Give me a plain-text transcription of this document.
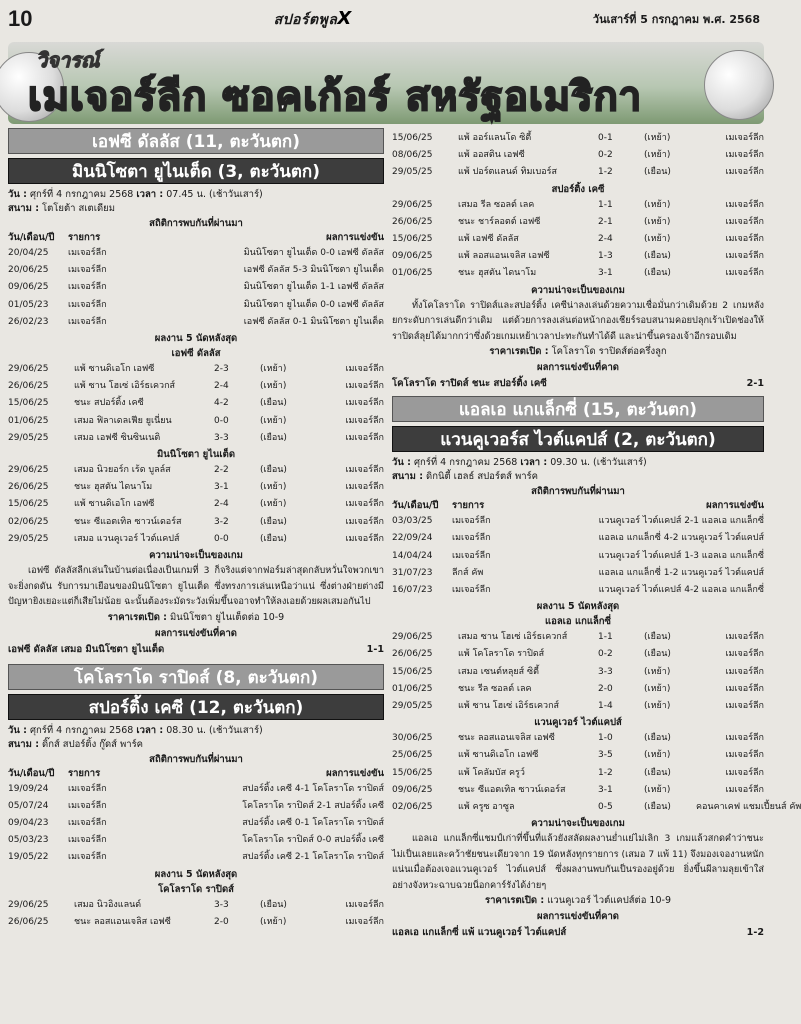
10	สปอร์ตพูลX	วันเสาร์ที่ 5 กรกฎาคม พ.ศ. 2568
วิจารณ์
เมเจอร์ลีก ซอคเก้อร์ สหรัฐอเมริกา
เอฟซี ดัลลัส (11, ตะวันตก)
มินนิโซตา ยูไนเต็ด (3, ตะวันตก)
วัน : ศุกร์ที่ 4 กรกฎาคม 2568 เวลา : 07.45 น. (เช้าวันเสาร์)
สนาม : โตโยต้า สเตเดียม
สถิติการพบกันที่ผ่านมา
วัน/เดือน/ปี	รายการ	ผลการแข่งขัน
20/04/25	เมเจอร์ลีก	มินนิโซตา ยูไนเต็ด 0-0 เอฟซี ดัลลัส
20/06/25	เมเจอร์ลีก	เอฟซี ดัลลัส 5-3 มินนิโซตา ยูไนเต็ด
09/06/25	เมเจอร์ลีก	มินนิโซตา ยูไนเต็ด 1-1 เอฟซี ดัลลัส
01/05/23	เมเจอร์ลีก	มินนิโซตา ยูไนเต็ด 0-0 เอฟซี ดัลลัส
26/02/23	เมเจอร์ลีก	เอฟซี ดัลลัส 0-1 มินนิโซตา ยูไนเต็ด
ผลงาน 5 นัดหลังสุด
เอฟซี ดัลลัส
29/06/25	แพ้ ซานดิเอโก เอฟซี	2-3	(เหย้า)	เมเจอร์ลีก
26/06/25	แพ้ ซาน โฮเซ่ เอิร์ธเควกส์	2-4	(เหย้า)	เมเจอร์ลีก
15/06/25	ชนะ สปอร์ติ้ง เคซี	4-2	(เยือน)	เมเจอร์ลีก
01/06/25	เสมอ ฟิลาเดลเฟีย ยูเนี่ยน	0-0	(เหย้า)	เมเจอร์ลีก
29/05/25	เสมอ เอฟซี ซินซินเนติ	3-3	(เยือน)	เมเจอร์ลีก
มินนิโซตา ยูไนเต็ด
29/06/25	เสมอ นิวยอร์ก เร้ด บูลล์ส	2-2	(เยือน)	เมเจอร์ลีก
26/06/25	ชนะ ฮุสตัน ไดนาโม	3-1	(เหย้า)	เมเจอร์ลีก
15/06/25	แพ้ ซานดิเอโก เอฟซี	2-4	(เหย้า)	เมเจอร์ลีก
02/06/25	ชนะ ซีแอตเทิล ซาวน์เดอร์ส	3-2	(เยือน)	เมเจอร์ลีก
29/05/25	เสมอ แวนคูเวอร์ ไวต์แคปส์	0-0	(เยือน)	เมเจอร์ลีก
ความน่าจะเป็นของเกม
เอฟซี ดัลลัสลีกเล่นในบ้านต่อเนื่องเป็นเกมที่ 3 ก็จริงแต่จากฟอร์มล่าสุดกลับหวั่นใจพวกเขาจะยิ่งกดดัน รับการมาเยือนของมินนิโซตา ยูไนเต็ด ซึ่งทรงการเล่นเหนือว่าแน่ ซึ่งต่างฝ่ายต่างมีปัญหายิงเยอะแต่ก็เสียไม่น้อย ฉะนั้นต้องระมัดระวังเพิ่มขึ้นจอาจทำให้ลงเอยด้วยผลเสมอกันไป
ราคาเรตเปิด : มินนิโซตา ยูไนเต็ดต่อ 10-9
ผลการแข่งขันที่คาด
เอฟซี ดัลลัส เสมอ มินนิโซตา ยูไนเต็ด	1-1
โคโลราโด ราปิดส์ (8, ตะวันตก)
สปอร์ติ้ง เคซี (12, ตะวันตก)
วัน : ศุกร์ที่ 4 กรกฎาคม 2568 เวลา : 08.30 น. (เช้าวันเสาร์)
สนาม : ดิ๊กส์ สปอร์ติ้ง กู๊ดส์ พาร์ค
สถิติการพบกันที่ผ่านมา
วัน/เดือน/ปี	รายการ	ผลการแข่งขัน
19/09/24	เมเจอร์ลีก	สปอร์ติ้ง เคซี 4-1 โคโลราโด ราปิดส์
05/07/24	เมเจอร์ลีก	โคโลราโด ราปิดส์ 2-1 สปอร์ติ้ง เคซี
09/04/23	เมเจอร์ลีก	สปอร์ติ้ง เคซี 0-1 โคโลราโด ราปิดส์
05/03/23	เมเจอร์ลีก	โคโลราโด ราปิดส์ 0-0 สปอร์ติ้ง เคซี
19/05/22	เมเจอร์ลีก	สปอร์ติ้ง เคซี 2-1 โคโลราโด ราปิดส์
ผลงาน 5 นัดหลังสุด
โคโลราโด ราปิดส์
29/06/25	เสมอ นิวอิงแลนด์	3-3	(เยือน)	เมเจอร์ลีก
26/06/25	ชนะ ลอสแอนเจลิส เอฟซี	2-0	(เหย้า)	เมเจอร์ลีก
15/06/25	แพ้ ออร์แลนโด ซิตี้	0-1	(เหย้า)	เมเจอร์ลีก
08/06/25	แพ้ ออสติน เอฟซี	0-2	(เหย้า)	เมเจอร์ลีก
29/05/25	แพ้ ปอร์ตแลนด์ ทิมเบอร์ส	1-2	(เยือน)	เมเจอร์ลีก
สปอร์ติ้ง เคซี
29/06/25	เสมอ รีล ซอลต์ เลค	1-1	(เหย้า)	เมเจอร์ลีก
26/06/25	ชนะ ชาร์ลอตต์ เอฟซี	2-1	(เหย้า)	เมเจอร์ลีก
15/06/25	แพ้ เอฟซี ดัลลัส	2-4	(เหย้า)	เมเจอร์ลีก
09/06/25	แพ้ ลอสแอนเจลิส เอฟซี	1-3	(เยือน)	เมเจอร์ลีก
01/06/25	ชนะ ฮุสตัน ไดนาโม	3-1	(เยือน)	เมเจอร์ลีก
ความน่าจะเป็นของเกม
ทั้งโคโลราโด ราปิดส์และสปอร์ติ้ง เคซีน่าลงเล่นด้วยความเชื่อมั่นกว่าเดิมด้วย 2 เกมหลังยกระดับการเล่นดีกว่าเดิม แต่ด้วยการลงเล่นต่อหน้ากองเชียร์รอบสนามคอยปลุกเร้าเปิดช่องให้ราปิดส์ลุยได้มากกว่าซึ่งด้วยเกมเหย้าเวลาปะทะกันทำได้ดี และน่าขึ้นครองเจ้าอีกรอบเดิม
ราคาเรตเปิด : โคโลราโด ราปิดส์ต่อครึ่งลูก
ผลการแข่งขันที่คาด
โคโลราโด ราปิดส์ ชนะ สปอร์ติ้ง เคซี	2-1
แอลเอ แกแล็กซี่ (15, ตะวันตก)
แวนคูเวอร์ส ไวต์แคปส์ (2, ตะวันตก)
วัน : ศุกร์ที่ 4 กรกฎาคม 2568 เวลา : 09.30 น. (เช้าวันเสาร์)
สนาม : ดิกนิตี้ เฮลธ์ สปอร์ตส์ พาร์ค
สถิติการพบกันที่ผ่านมา
วัน/เดือน/ปี	รายการ	ผลการแข่งขัน
03/03/25	เมเจอร์ลีก	แวนคูเวอร์ ไวต์แคปส์ 2-1 แอลเอ แกแล็กซี่
22/09/24	เมเจอร์ลีก	แอลเอ แกแล็กซี่ 4-2 แวนคูเวอร์ ไวต์แคปส์
14/04/24	เมเจอร์ลีก	แวนคูเวอร์ ไวต์แคปส์ 1-3 แอลเอ แกแล็กซี่
31/07/23	ลีกส์ คัพ	แอลเอ แกแล็กซี่ 1-2 แวนคูเวอร์ ไวต์แคปส์
16/07/23	เมเจอร์ลีก	แวนคูเวอร์ ไวต์แคปส์ 4-2 แอลเอ แกแล็กซี่
ผลงาน 5 นัดหลังสุด
แอลเอ แกแล็กซี่
29/06/25	เสมอ ซาน โฮเซ่ เอิร์ธเควกส์	1-1	(เยือน)	เมเจอร์ลีก
26/06/25	แพ้ โคโลราโด ราปิดส์	0-2	(เยือน)	เมเจอร์ลีก
15/06/25	เสมอ เซนต์หลุยส์ ซิตี้	3-3	(เหย้า)	เมเจอร์ลีก
01/06/25	ชนะ รีล ซอลต์ เลค	2-0	(เหย้า)	เมเจอร์ลีก
29/05/25	แพ้ ซาน โฮเซ่ เอิร์ธเควกส์	1-4	(เหย้า)	เมเจอร์ลีก
แวนคูเวอร์ ไวต์แคปส์
30/06/25	ชนะ ลอสแอนเจลิส เอฟซี	1-0	(เยือน)	เมเจอร์ลีก
25/06/25	แพ้ ซานดิเอโก เอฟซี	3-5	(เหย้า)	เมเจอร์ลีก
15/06/25	แพ้ โคลัมบัส ครูว์	1-2	(เยือน)	เมเจอร์ลีก
09/06/25	ชนะ ซีแอตเทิล ซาวน์เดอร์ส	3-1	(เหย้า)	เมเจอร์ลีก
02/06/25	แพ้ ครูซ อาซูล	0-5	(เยือน)	คอนคาเคฟ แชมเปี้ยนส์ คัพ
ความน่าจะเป็นของเกม
แอลเอ แกแล็กซี่แชมป์เก่าที่ขึ้นที่แล้วยังสลัดผลงานย่ำแย่ไม่เลิก 3 เกมแล้วสกดคำว่าชนะไม่เป็นเลยและคว้าชัยชนะเดียวจาก 19 นัดหลังทุกรายการ (เสมอ 7 แพ้ 11) จึงมองเจองานหนักแน่นเมื่อต้องเจอแวนคูเวอร์ ไวต์แคปส์ ซึ่งผลงานพบกันเป็นรองอยู่ด้วย ยิ่งขึ้นผีลามลุยเข้าใส่อย่างจังหวะฉาบฉวยน็อกคาร์รังได้ง่ายๆ
ราคาเรตเปิด : แวนคูเวอร์ ไวต์แคปส์ต่อ 10-9
ผลการแข่งขันที่คาด
แอลเอ แกแล็กซี่ แพ้ แวนคูเวอร์ ไวต์แคปส์	1-2
